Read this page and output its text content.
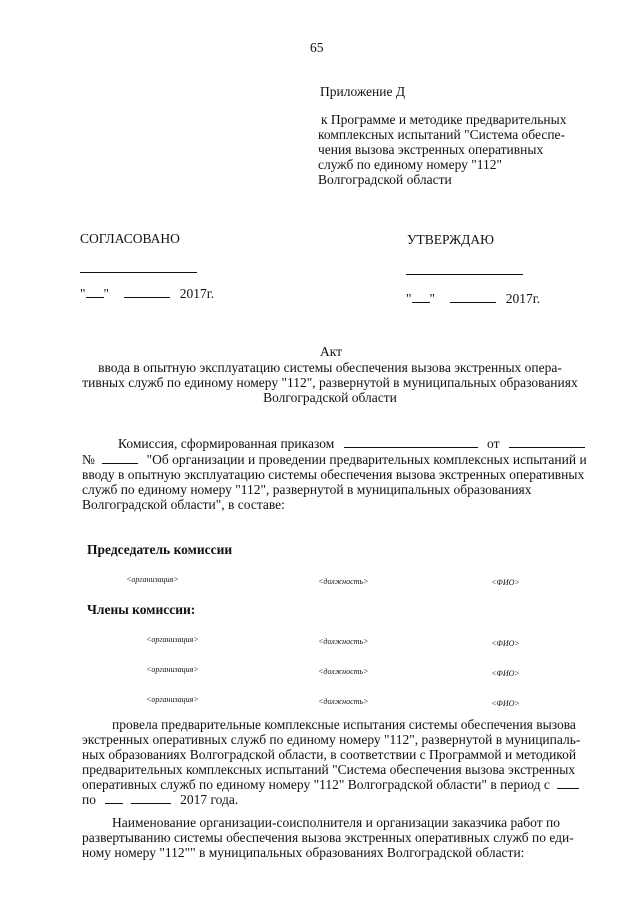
65
Приложение Д
к Программе и методике предварительных
комплексных испытаний "Система обеспе-
чения вызова экстренных оперативных
служб по единому номеру "112"
Волгоградской области
СОГЛАСОВАНО
" "	2017г.
УТВЕРЖДАЮ
" "	2017г.
Акт
ввода в опытную эксплуатацию системы обеспечения вызова экстренных опера-
тивных служб по единому номеру "112", развернутой в муниципальных образованиях
Волгоградской области
Комиссия, сформированная приказом	от
№	"Об организации и проведении предварительных комплексных испытаний и
вводу в опытную эксплуатацию системы обеспечения вызова экстренных оперативных
служб по единому номеру "112", развернутой в муниципальных образованиях
Волгоградской области", в составе:
Председатель комиссии
<организация>	<должность>	<ФИО>
Члены комиссии:
<организация>	<должность>	<ФИО>
<организация>	<должность>	<ФИО>
<организация>	<должность>	<ФИО>
провела предварительные комплексные испытания системы обеспечения вызова
экстренных оперативных служб по единому номеру "112", развернутой в муниципаль-
ных образованиях Волгоградской области, в соответствии с Программой и методикой
предварительных комплексных испытаний "Система обеспечения вызова экстренных
оперативных служб по единому номеру "112" Волгоградской области" в период с
по	2017 года.
Наименование организации-соисполнителя и организации заказчика работ по
развертыванию системы обеспечения вызова экстренных оперативных служб по еди-
ному номеру "112"" в муниципальных образованиях Волгоградской области:
